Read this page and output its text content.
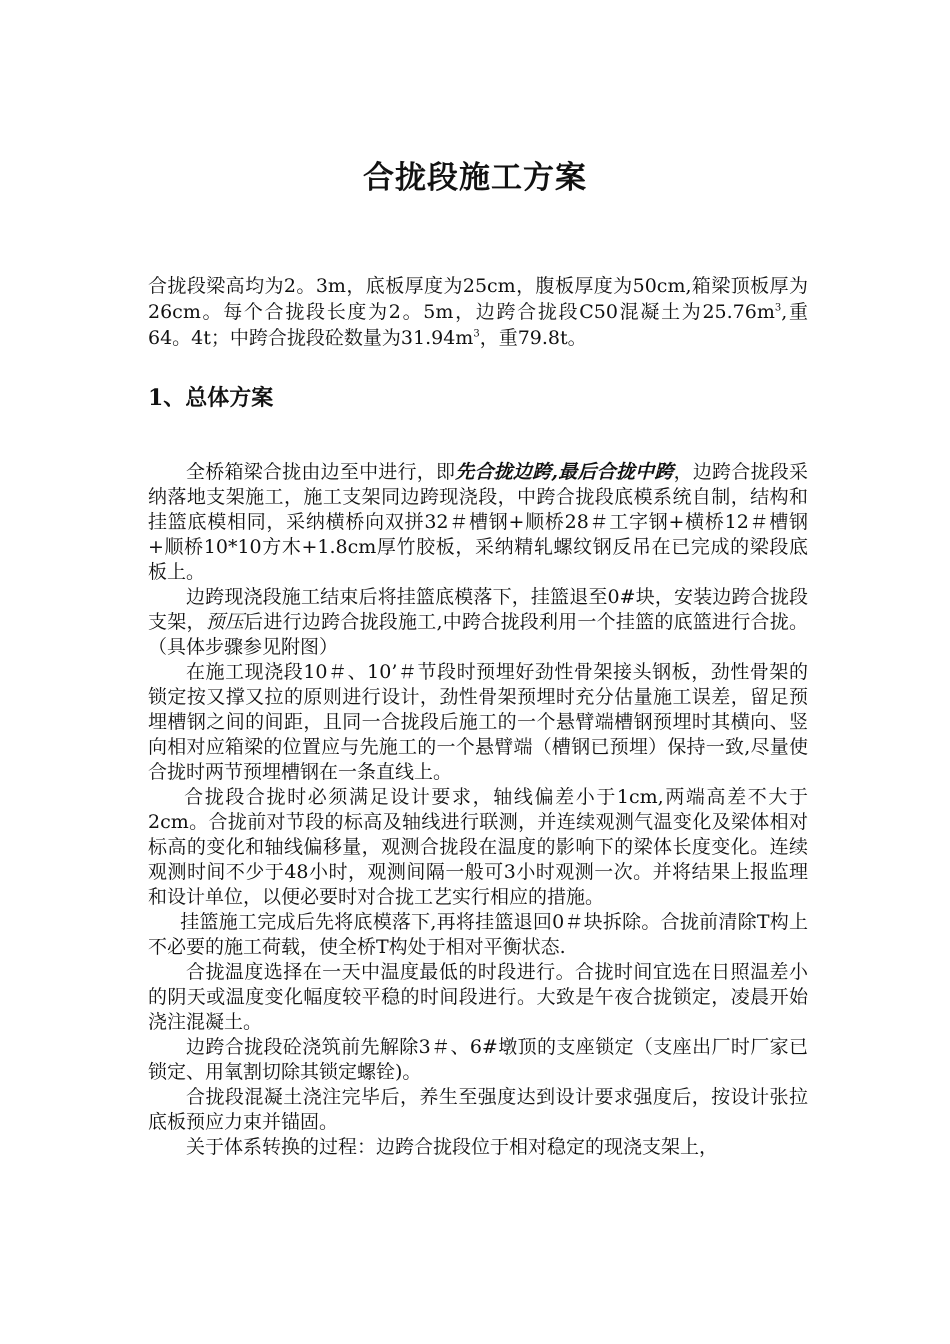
合拢段施工方案

合拢段梁高均为2。3m，底板厚度为25cm，腹板厚度为50cm,箱梁顶板厚为26cm。每个合拢段长度为2。5m，边跨合拢段C50混凝土为$25.76m^3$,重64。4t；中跨合拢段砼数量为$31.94m^3$，重79.8t。

1、总体方案

全桥箱梁合拢由边至中进行，即先合拢边跨,最后合拢中跨，边跨合拢段采纳落地支架施工，施工支架同边跨现浇段，中跨合拢段底模系统自制，结构和挂篮底模相同，采纳横桥向双拼32＃槽钢+顺桥28＃工字钢+横桥12＃槽钢+顺桥10*10方木+1.8cm厚竹胶板，采纳精轧螺纹钢反吊在已完成的梁段底板上。

边跨现浇段施工结束后将挂篮底模落下，挂篮退至0#块，安装边跨合拢段支架，预压后进行边跨合拢段施工,中跨合拢段利用一个挂篮的底篮进行合拢。（具体步骤参见附图）

在施工现浇段10＃、10’＃节段时预埋好劲性骨架接头钢板，劲性骨架的锁定按又撑又拉的原则进行设计，劲性骨架预埋时充分估量施工误差，留足预埋槽钢之间的间距，且同一合拢段后施工的一个悬臂端槽钢预埋时其横向、竖向相对应箱梁的位置应与先施工的一个悬臂端（槽钢已预埋）保持一致,尽量使合拢时两节预埋槽钢在一条直线上。

合拢段合拢时必须满足设计要求，轴线偏差小于1cm,两端高差不大于2cm。合拢前对节段的标高及轴线进行联测，并连续观测气温变化及梁体相对标高的变化和轴线偏移量，观测合拢段在温度的影响下的梁体长度变化。连续观测时间不少于48小时，观测间隔一般可3小时观测一次。并将结果上报监理和设计单位，以便必要时对合拢工艺实行相应的措施。

挂篮施工完成后先将底模落下,再将挂篮退回0＃块拆除。合拢前清除T构上不必要的施工荷载，使全桥T构处于相对平衡状态.

合拢温度选择在一天中温度最低的时段进行。合拢时间宜选在日照温差小的阴天或温度变化幅度较平稳的时间段进行。大致是午夜合拢锁定，凌晨开始浇注混凝土。

边跨合拢段砼浇筑前先解除3＃、6#墩顶的支座锁定（支座出厂时厂家已锁定、用氧割切除其锁定螺铨)。

合拢段混凝土浇注完毕后，养生至强度达到设计要求强度后，按设计张拉底板预应力束并锚固。

关于体系转换的过程：边跨合拢段位于相对稳定的现浇支架上，
